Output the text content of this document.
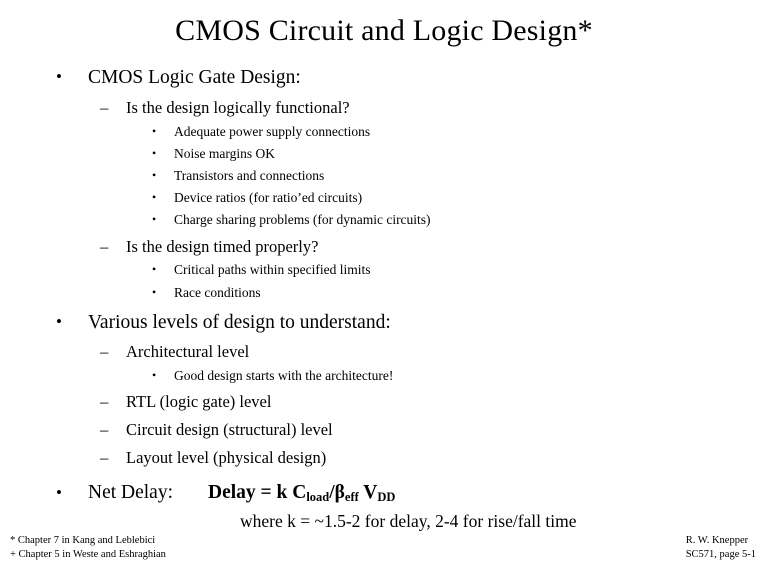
CMOS Circuit and Logic Design*
•	CMOS Logic Gate Design:
–	Is the design logically functional?
•	Adequate power supply connections
•	Noise margins OK
•	Transistors and connections
•	Device ratios (for ratio’ed circuits)
•	Charge sharing problems (for dynamic circuits)
–	Is the design timed properly?
•	Critical paths within specified limits
•	Race conditions
•	Various levels of design to understand:
–	Architectural level
•	Good design starts with the architecture!
–	RTL (logic gate) level
–	Circuit design (structural) level
–	Layout level (physical design)
•	Net Delay:	Delay = k $C_{load}/\beta_{eff}$ $V_{DD}$
where k = ~1.5-2 for delay, 2-4 for rise/fall time
* Chapter 7 in Kang and Leblebici
+ Chapter 5 in Weste and Eshraghian
R. W. Knepper
SC571, page 5-1
